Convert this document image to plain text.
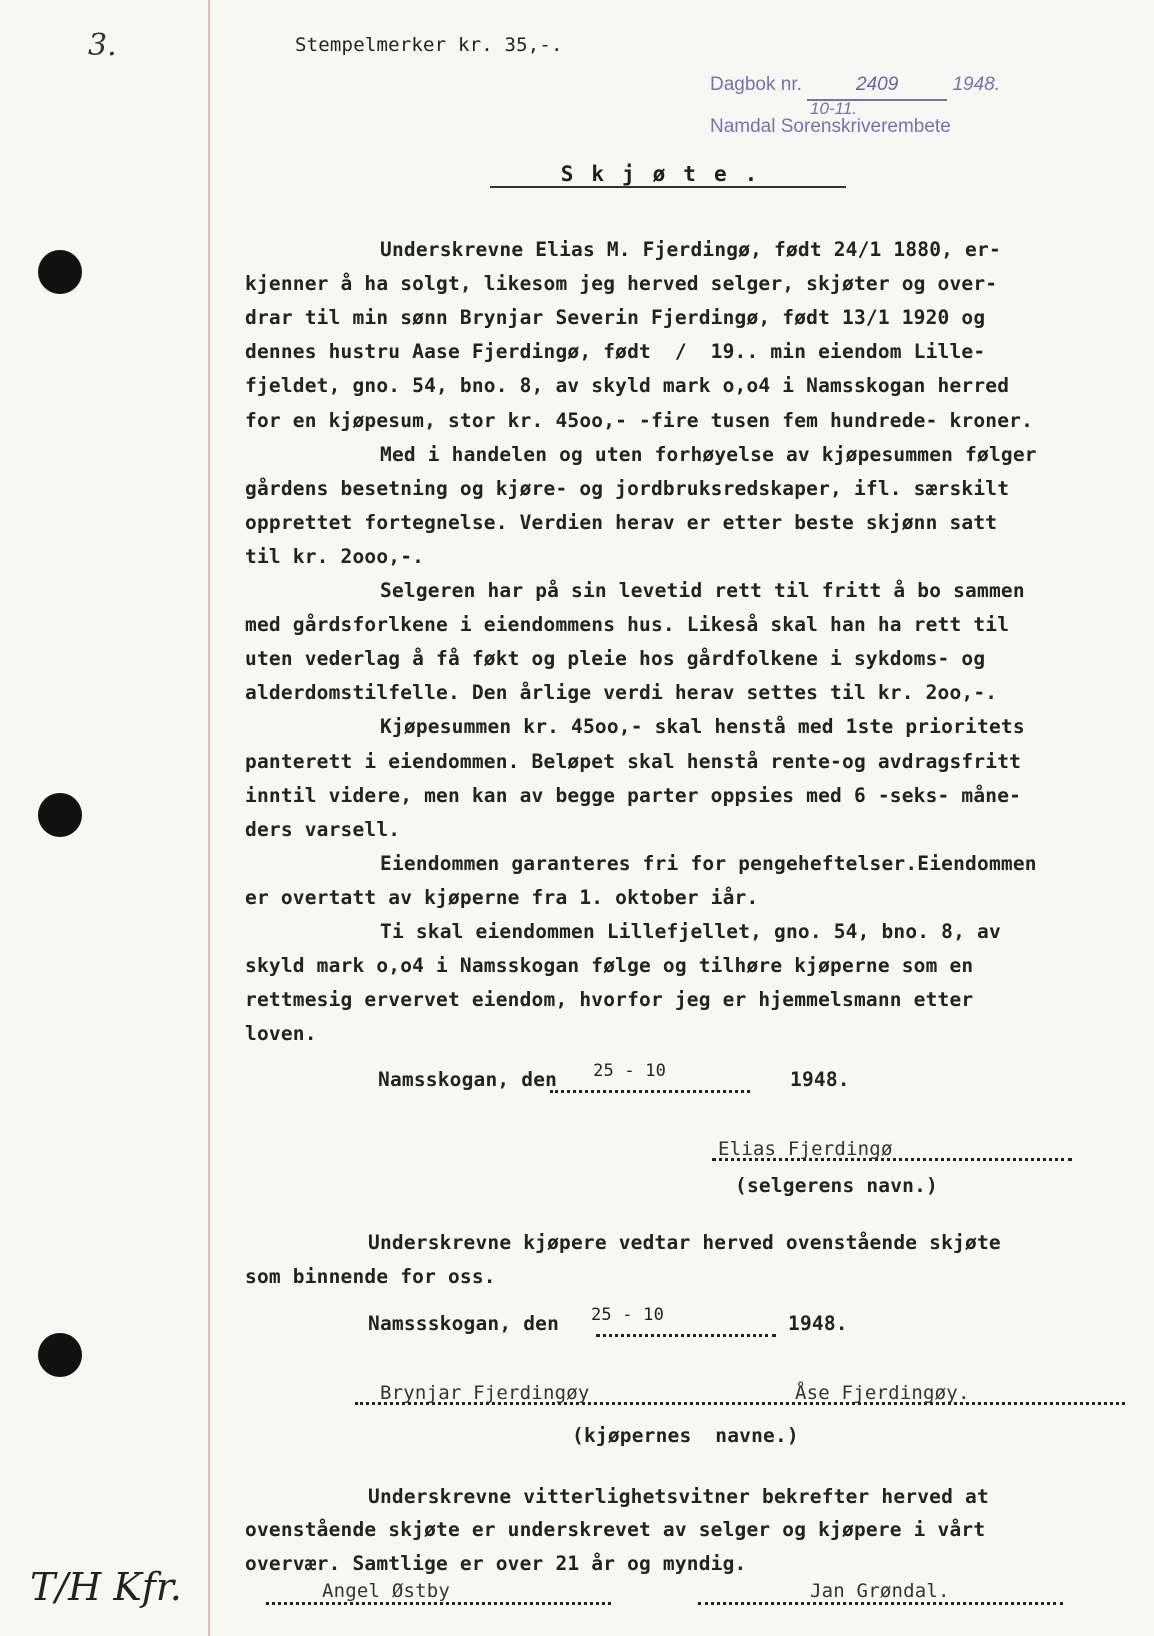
3.	Stempelmerker kr. 35,-.
Dagbok nr.	2409	1948.
10-11.
Namdal Sorenskriverembete
Skjøte.
Underskrevne Elias M. Fjerdingø, født 24/1 1880, er-
kjenner å ha solgt, likesom jeg herved selger, skjøter og over-
drar til min sønn Brynjar Severin Fjerdingø, født 13/1 1920 og
dennes hustru Aase Fjerdingø, født  /  19.. min eiendom Lille-
fjeldet, gno. 54, bno. 8, av skyld mark o,o4 i Namsskogan herred
for en kjøpesum, stor kr. 45oo,- -fire tusen fem hundrede- kroner.
Med i handelen og uten forhøyelse av kjøpesummen følger
gårdens besetning og kjøre- og jordbruksredskaper, ifl. særskilt
opprettet fortegnelse. Verdien herav er etter beste skjønn satt
til kr. 2ooo,-.
Selgeren har på sin levetid rett til fritt å bo sammen
med gårdsforlkene i eiendommens hus. Likeså skal han ha rett til
uten vederlag å få føkt og pleie hos gårdfolkene i sykdoms- og
alderdomstilfelle. Den årlige verdi herav settes til kr. 2oo,-.
Kjøpesummen kr. 45oo,- skal henstå med 1ste prioritets
panterett i eiendommen. Beløpet skal henstå rente-og avdragsfritt
inntil videre, men kan av begge parter oppsies med 6 -seks- måne-
ders varsell.
Eiendommen garanteres fri for pengeheftelser.Eiendommen
er overtatt av kjøperne fra 1. oktober iår.
Ti skal eiendommen Lillefjellet, gno. 54, bno. 8, av
skyld mark o,o4 i Namsskogan følge og tilhøre kjøperne som en
rettmesig ervervet eiendom, hvorfor jeg er hjemmelsmann etter
loven.
Namsskogan, den 25 - 10	1948.
Elias Fjerdingø
(selgerens navn.)
Underskrevne kjøpere vedtar herved ovenstående skjøte
som binnende for oss.
Namssskogan, den 25 - 10	1948.
Brynjar Fjerdingøy	Åse Fjerdingøy.
(kjøpernes  navne.)
Underskrevne vitterlighetsvitner bekrefter herved at
ovenstående skjøte er underskrevet av selger og kjøpere i vårt
overvær. Samtlige er over 21 år og myndig.
Angel Østby	Jan Grøndal.
T/H Kfr.
